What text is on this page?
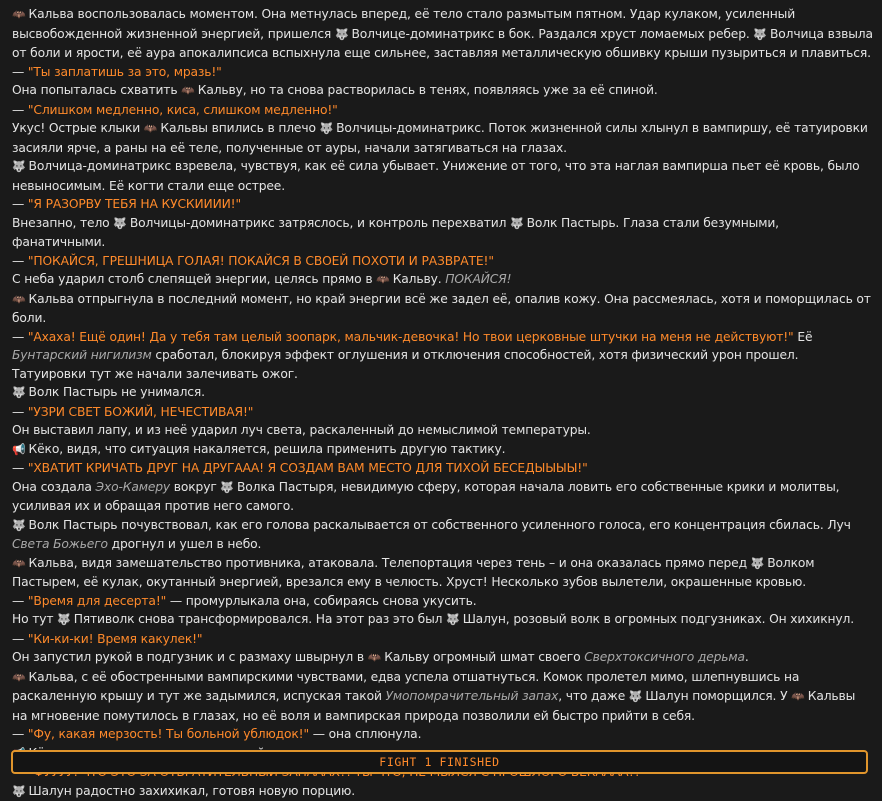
🦇 Кальва воспользовалась моментом. Она метнулась вперед, её тело стало размытым пятном. Удар кулаком, усиленный высвобожденной жизненной энергией, пришелся 🐺 Волчице-доминатрикс в бок. Раздался хруст ломаемых ребер. 🐺 Волчица взвыла от боли и ярости, её аура апокалипсиса вспыхнула еще сильнее, заставляя металлическую обшивку крыши пузыриться и плавиться.
— "Ты заплатишь за это, мразь!"
Она попыталась схватить 🦇 Кальву, но та снова растворилась в тенях, появляясь уже за её спиной.
— "Слишком медленно, киса, слишком медленно!"
Укус! Острые клыки 🦇 Кальвы впились в плечо 🐺 Волчицы-доминатрикс. Поток жизненной силы хлынул в вампиршу, её татуировки засияли ярче, а раны на её теле, полученные от ауры, начали затягиваться на глазах.
🐺 Волчица-доминатрикс взревела, чувствуя, как её сила убывает. Унижение от того, что эта наглая вампирша пьет её кровь, было невыносимым. Её когти стали еще острее.
— "Я РАЗОРВУ ТЕБЯ НА КУСКИИИИ!"
Внезапно, тело 🐺 Волчицы-доминатрикс затряслось, и контроль перехватил 🐺 Волк Пастырь. Глаза стали безумными, фанатичными.
— "ПОКАЙСЯ, ГРЕШНИЦА ГОЛАЯ! ПОКАЙСЯ В СВОЕЙ ПОХОТИ И РАЗВРАТЕ!"
С неба ударил столб слепящей энергии, целясь прямо в 🦇 Кальву. ПОКАЙСЯ!
🦇 Кальва отпрыгнула в последний момент, но край энергии всё же задел её, опалив кожу. Она рассмеялась, хотя и поморщилась от боли.
— "Ахаха! Ещё один! Да у тебя там целый зоопарк, мальчик-девочка! Но твои церковные штучки на меня не действуют!" Её Бунтарский нигилизм сработал, блокируя эффект оглушения и отключения способностей, хотя физический урон прошел. Татуировки тут же начали залечивать ожог.
🐺 Волк Пастырь не унимался.
— "УЗРИ СВЕТ БОЖИЙ, НЕЧЕСТИВАЯ!"
Он выставил лапу, и из неё ударил луч света, раскаленный до немыслимой температуры.
📢 Кёко, видя, что ситуация накаляется, решила применить другую тактику.
— "ХВАТИТ КРИЧАТЬ ДРУГ НА ДРУГААА! Я СОЗДАМ ВАМ МЕСТО ДЛЯ ТИХОЙ БЕСЕДЫЫЫЫ!"
Она создала Эхо-Камеру вокруг 🐺 Волка Пастыря, невидимую сферу, которая начала ловить его собственные крики и молитвы, усиливая их и обращая против него самого.
🐺 Волк Пастырь почувствовал, как его голова раскалывается от собственного усиленного голоса, его концентрация сбилась. Луч Света Божьего дрогнул и ушел в небо.
🦇 Кальва, видя замешательство противника, атаковала. Телепортация через тень – и она оказалась прямо перед 🐺 Волком Пастырем, её кулак, окутанный энергией, врезался ему в челюсть. Хруст! Несколько зубов вылетели, окрашенные кровью.
— "Время для десерта!" — промурлыкала она, собираясь снова укусить.
Но тут 🐺 Пятиволк снова трансформировался. На этот раз это был 🐺 Шалун, розовый волк в огромных подгузниках. Он хихикнул.
— "Ки-ки-ки! Время какулек!"
Он запустил рукой в подгузник и с размаху швырнул в 🦇 Кальву огромный шмат своего Сверхтоксичного дерьма.
🦇 Кальва, с её обостренными вампирскими чувствами, едва успела отшатнуться. Комок пролетел мимо, шлепнувшись на раскаленную крышу и тут же задымился, испуская такой Умопомрачительный запах, что даже 🐺 Шалун поморщился. У 🦇 Кальвы на мгновение помутилось в глазах, но её воля и вампирская природа позволили ей быстро прийти в себя.
— "Фу, какая мерзость! Ты больной ублюдок!" — она сплюнула.
🐺 Шалун радостно захихикал, готовя новую порцию.
FIGHT 1 FINISHED
